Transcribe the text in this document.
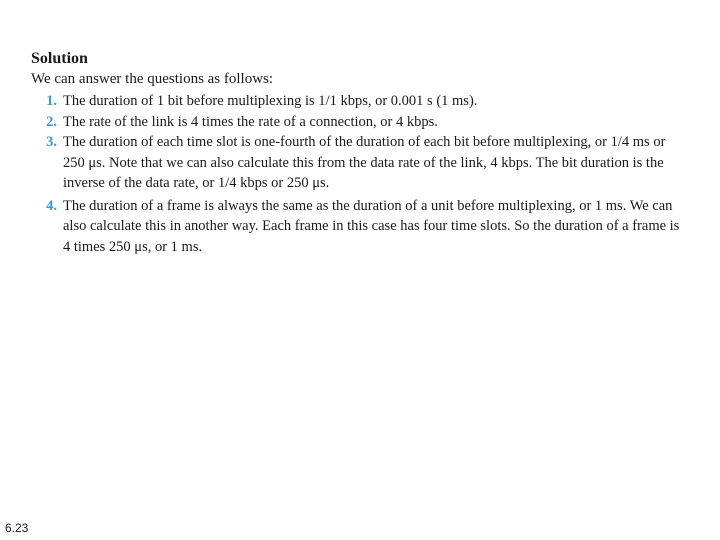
Solution

We can answer the questions as follows:

1. The duration of 1 bit before multiplexing is 1/1 kbps, or 0.001 s (1 ms).
2. The rate of the link is 4 times the rate of a connection, or 4 kbps.
3. The duration of each time slot is one-fourth of the duration of each bit before multiplexing, or 1/4 ms or 250 μs. Note that we can also calculate this from the data rate of the link, 4 kbps. The bit duration is the inverse of the data rate, or 1/4 kbps or 250 μs.
4. The duration of a frame is always the same as the duration of a unit before multiplexing, or 1 ms. We can also calculate this in another way. Each frame in this case has four time slots. So the duration of a frame is 4 times 250 μs, or 1 ms.
6.23
